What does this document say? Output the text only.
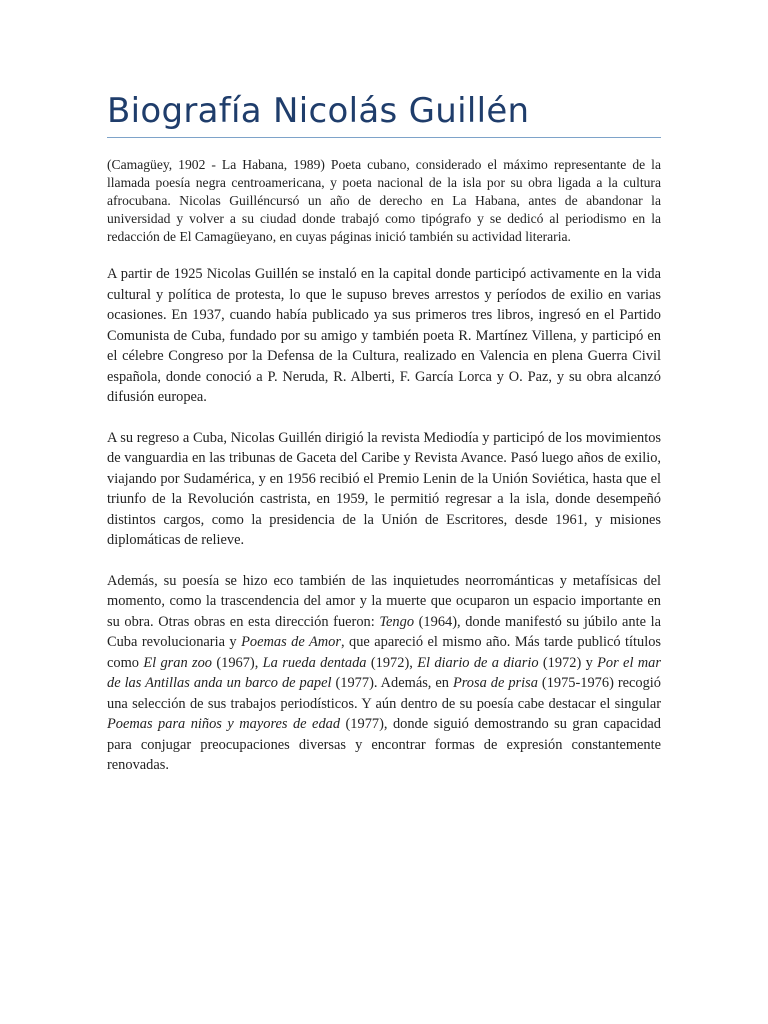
Biografía Nicolás Guillén

(Camagüey, 1902 - La Habana, 1989) Poeta cubano, considerado el máximo representante de la llamada poesía negra centroamericana, y poeta nacional de la isla por su obra ligada a la cultura afrocubana. Nicolas Guilléncursó un año de derecho en La Habana, antes de abandonar la universidad y volver a su ciudad donde trabajó como tipógrafo y se dedicó al periodismo en la redacción de El Camagüeyano, en cuyas páginas inició también su actividad literaria.

A partir de 1925 Nicolas Guillén se instaló en la capital donde participó activamente en la vida cultural y política de protesta, lo que le supuso breves arrestos y períodos de exilio en varias ocasiones. En 1937, cuando había publicado ya sus primeros tres libros, ingresó en el Partido Comunista de Cuba, fundado por su amigo y también poeta R. Martínez Villena, y participó en el célebre Congreso por la Defensa de la Cultura, realizado en Valencia en plena Guerra Civil española, donde conoció a P. Neruda, R. Alberti, F. García Lorca y O. Paz, y su obra alcanzó difusión europea.

A su regreso a Cuba, Nicolas Guillén dirigió la revista Mediodía y participó de los movimientos de vanguardia en las tribunas de Gaceta del Caribe y Revista Avance. Pasó luego años de exilio, viajando por Sudamérica, y en 1956 recibió el Premio Lenin de la Unión Soviética, hasta que el triunfo de la Revolución castrista, en 1959, le permitió regresar a la isla, donde desempeñó distintos cargos, como la presidencia de la Unión de Escritores, desde 1961, y misiones diplomáticas de relieve.

Además, su poesía se hizo eco también de las inquietudes neorrománticas y metafísicas del momento, como la trascendencia del amor y la muerte que ocuparon un espacio importante en su obra. Otras obras en esta dirección fueron: Tengo (1964), donde manifestó su júbilo ante la Cuba revolucionaria y Poemas de Amor, que apareció el mismo año. Más tarde publicó títulos como El gran zoo (1967), La rueda dentada (1972), El diario de a diario (1972) y Por el mar de las Antillas anda un barco de papel (1977). Además, en Prosa de prisa (1975-1976) recogió una selección de sus trabajos periodísticos. Y aún dentro de su poesía cabe destacar el singular Poemas para niños y mayores de edad (1977), donde siguió demostrando su gran capacidad para conjugar preocupaciones diversas y encontrar formas de expresión constantemente renovadas.
